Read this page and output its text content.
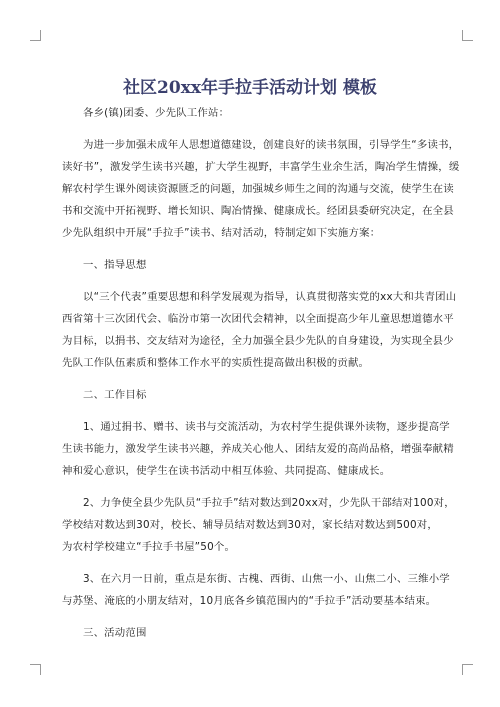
社区20xx年手拉手活动计划 模板

各乡(镇)团委、少先队工作站：

为进一步加强未成年人思想道德建设，创建良好的读书氛围，引导学生“多读书，

读好书”，激发学生读书兴趣，扩大学生视野，丰富学生业余生活，陶冶学生情操，缓

解农村学生课外阅读资源匮乏的问题，加强城乡师生之间的沟通与交流，使学生在读

书和交流中开拓视野、增长知识、陶冶情操、健康成长。经团县委研究决定，在全县

少先队组织中开展“手拉手”读书、结对活动，特制定如下实施方案：

一、指导思想

以“三个代表”重要思想和科学发展观为指导，认真贯彻落实党的xx大和共青团山

西省第十三次团代会、临汾市第一次团代会精神，以全面提高少年儿童思想道德水平

为目标，以捐书、交友结对为途径，全力加强全县少先队的自身建设，为实现全县少

先队工作队伍素质和整体工作水平的实质性提高做出积极的贡献。

二、工作目标

1、通过捐书、赠书、读书与交流活动，为农村学生提供课外读物，逐步提高学

生读书能力，激发学生读书兴趣，养成关心他人、团结友爱的高尚品格，增强奉献精

神和爱心意识，使学生在读书活动中相互体验、共同提高、健康成长。

2、力争使全县少先队员“手拉手”结对数达到20xx对，少先队干部结对100对，

学校结对数达到30对，校长、辅导员结对数达到30对，家长结对数达到500对，

为农村学校建立“手拉手书屋”50个。

3、在六月一日前，重点是东街、古槐、西街、山焦一小、山焦二小、三维小学

与苏堡、淹底的小朋友结对，10月底各乡镇范围内的“手拉手”活动要基本结束。

三、活动范围
